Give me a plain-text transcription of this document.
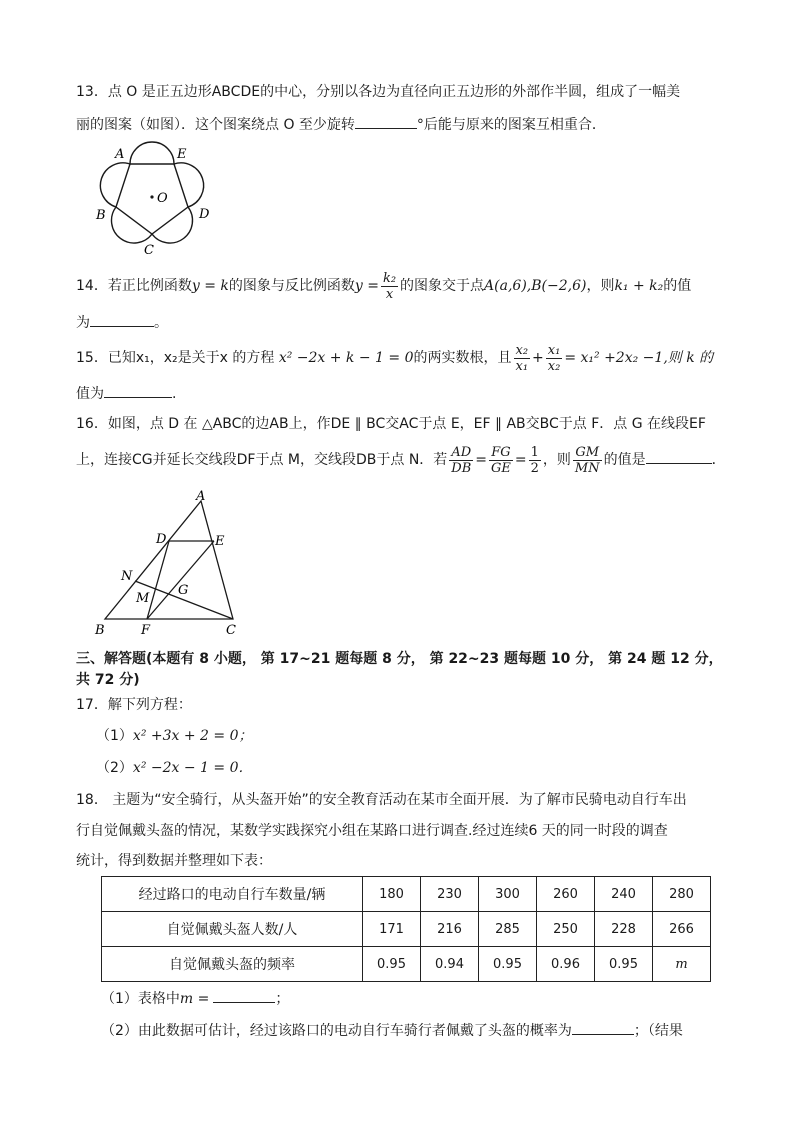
13．点 O 是正五边形ABCDE的中心，分别以各边为直径向正五边形的外部作半圆，组成了一幅美
丽的图案（如图）．这个图案绕点 O 至少旋转	°后能与原来的图案互相重合．
A	E
O
B	D
C
14．若正比例函数y = k的图象与反比例函数$y = \frac{\text{k₂}}{x}$ 的图象交于点A(a,6),B(−2,6)，则k₁ + k₂的值
为	。
15．已知x₁，x₂是关于x 的方程 x² −2x + k − 1 = 0的两实数根，且 $\frac{\text{x₂}}{\text{x₁}} + \frac{\text{x₁}}{\text{x₂}} = x_1^2 +2x_2 -1$,则 k 的
值为	.
16．如图，点 D 在 △ABC的边AB上，作DE ∥ BC交AC于点 E，EF ∥ AB交BC于点 F．点 G 在线段EF
上，连接CG并延长交线段DF于点 M，交线段DB于点 N．若 $\frac{AD}{DB} = \frac{FG}{GE} = \frac{1}{2}$ ，则 $\frac{GM}{MN}$ 的值是	．
A
D	E
N
G
M
B	F	C
三、解答题(本题有 8 小题， 第 17~21 题每题 8 分， 第 22~23 题每题 10 分， 第 24 题 12 分，
共 72 分)
17．解下列方程：
（1）x² +3x + 2 = 0；
（2）x² −2x − 1 = 0．
18． 主题为“安全骑行，从头盔开始”的安全教育活动在某市全面开展．为了解市民骑电动自行车出
行自觉佩戴头盔的情况，某数学实践探究小组在某路口进行调查.经过连续6 天的同一时段的调查
统计，得到数据并整理如下表：
经过路口的电动自行车数量/辆	180	230	300	260	240	280
自觉佩戴头盔人数/人	171	216	285	250	228	266
自觉佩戴头盔的频率	0.95	0.94	0.95	0.96	0.95	m
（1）表格中m =	；
（2）由此数据可估计，经过该路口的电动自行车骑行者佩戴了头盔的概率为	；（结果
